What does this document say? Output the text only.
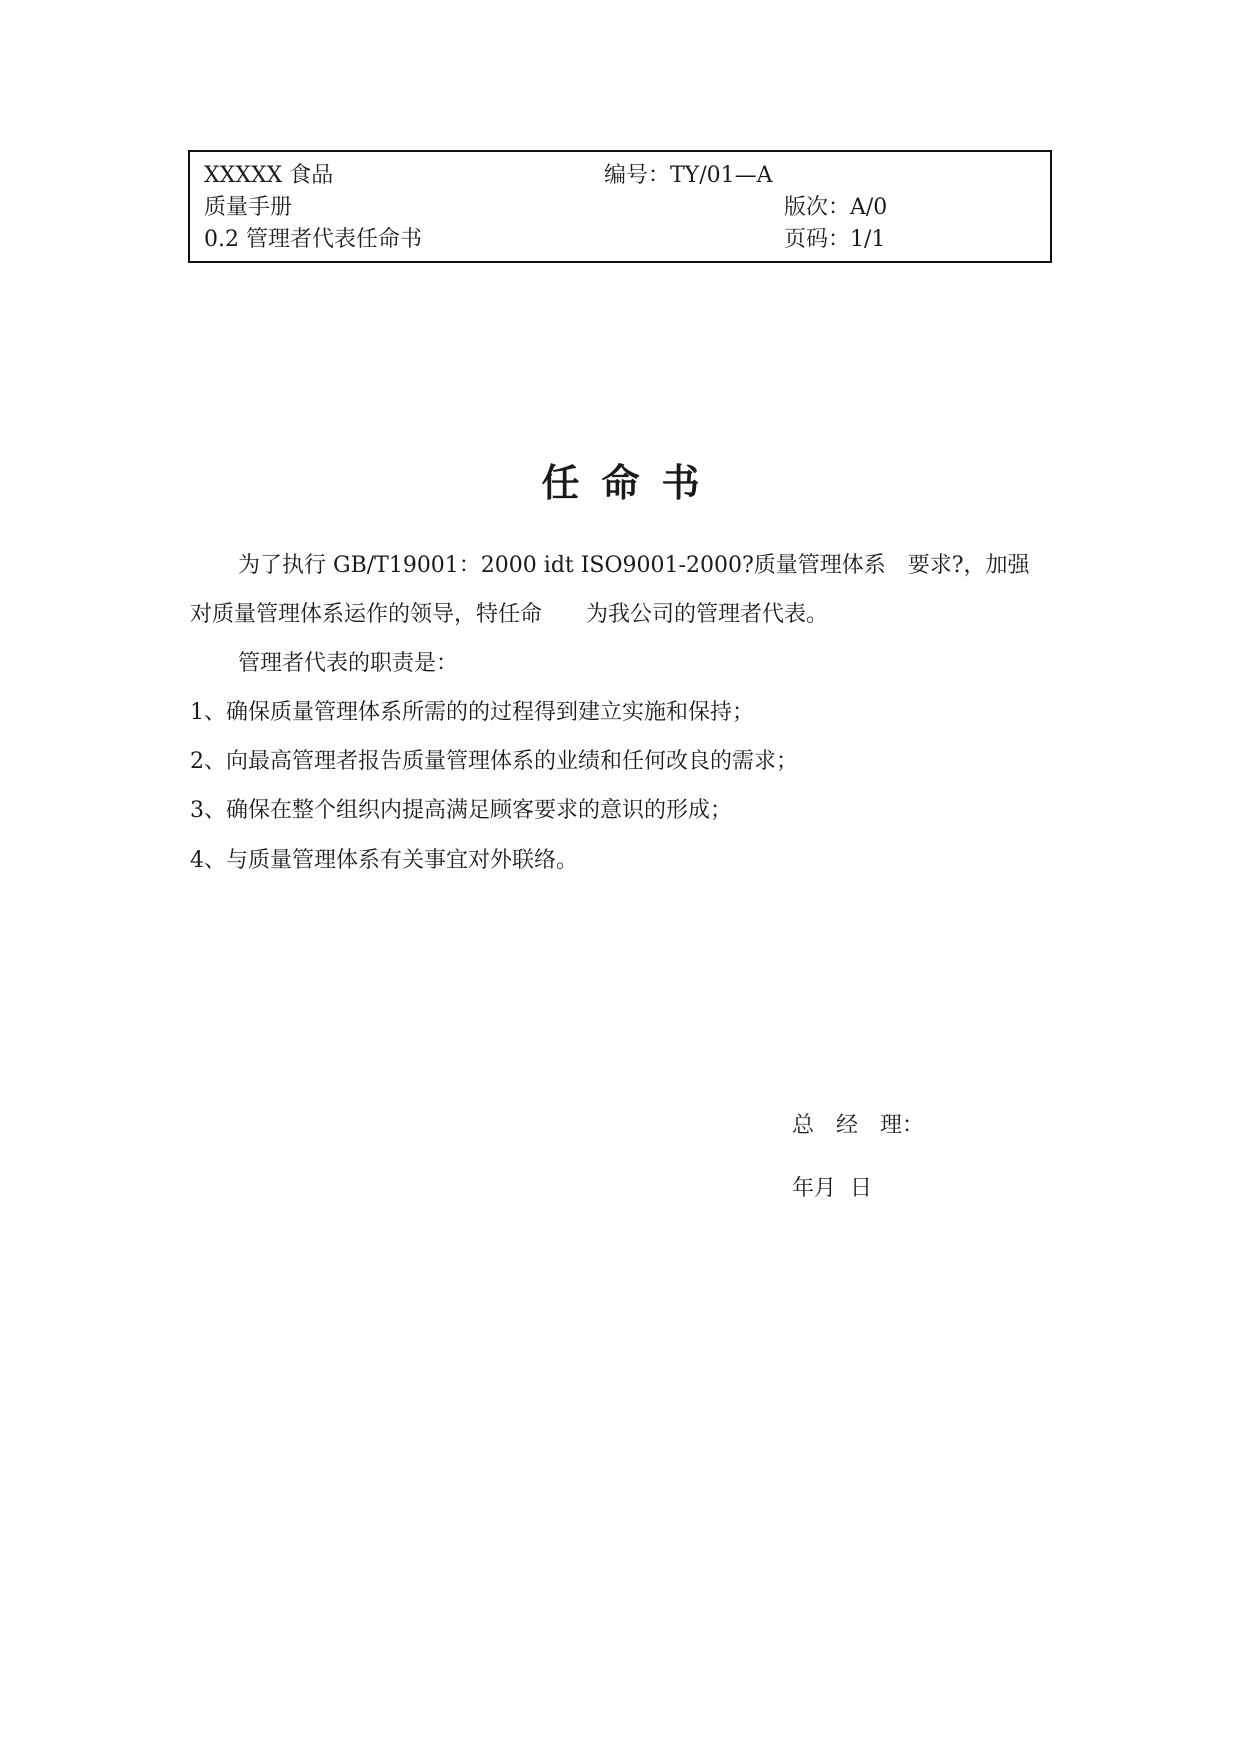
XXXXX 食品	编号：TY/01—A
质量手册	版次：A/0
0.2 管理者代表任命书	页码：1/1
任命书
为了执行 GB/T19001：2000 idt ISO9001-2000?质量管理体系　要求?，加强
对质量管理体系运作的领导，特任命　　为我公司的管理者代表。
管理者代表的职责是：
1、确保质量管理体系所需的的过程得到建立实施和保持；
2、向最高管理者报告质量管理体系的业绩和任何改良的需求；
3、确保在整个组织内提高满足顾客要求的意识的形成；
4、与质量管理体系有关事宜对外联络。
总　经　理：
年月  日
